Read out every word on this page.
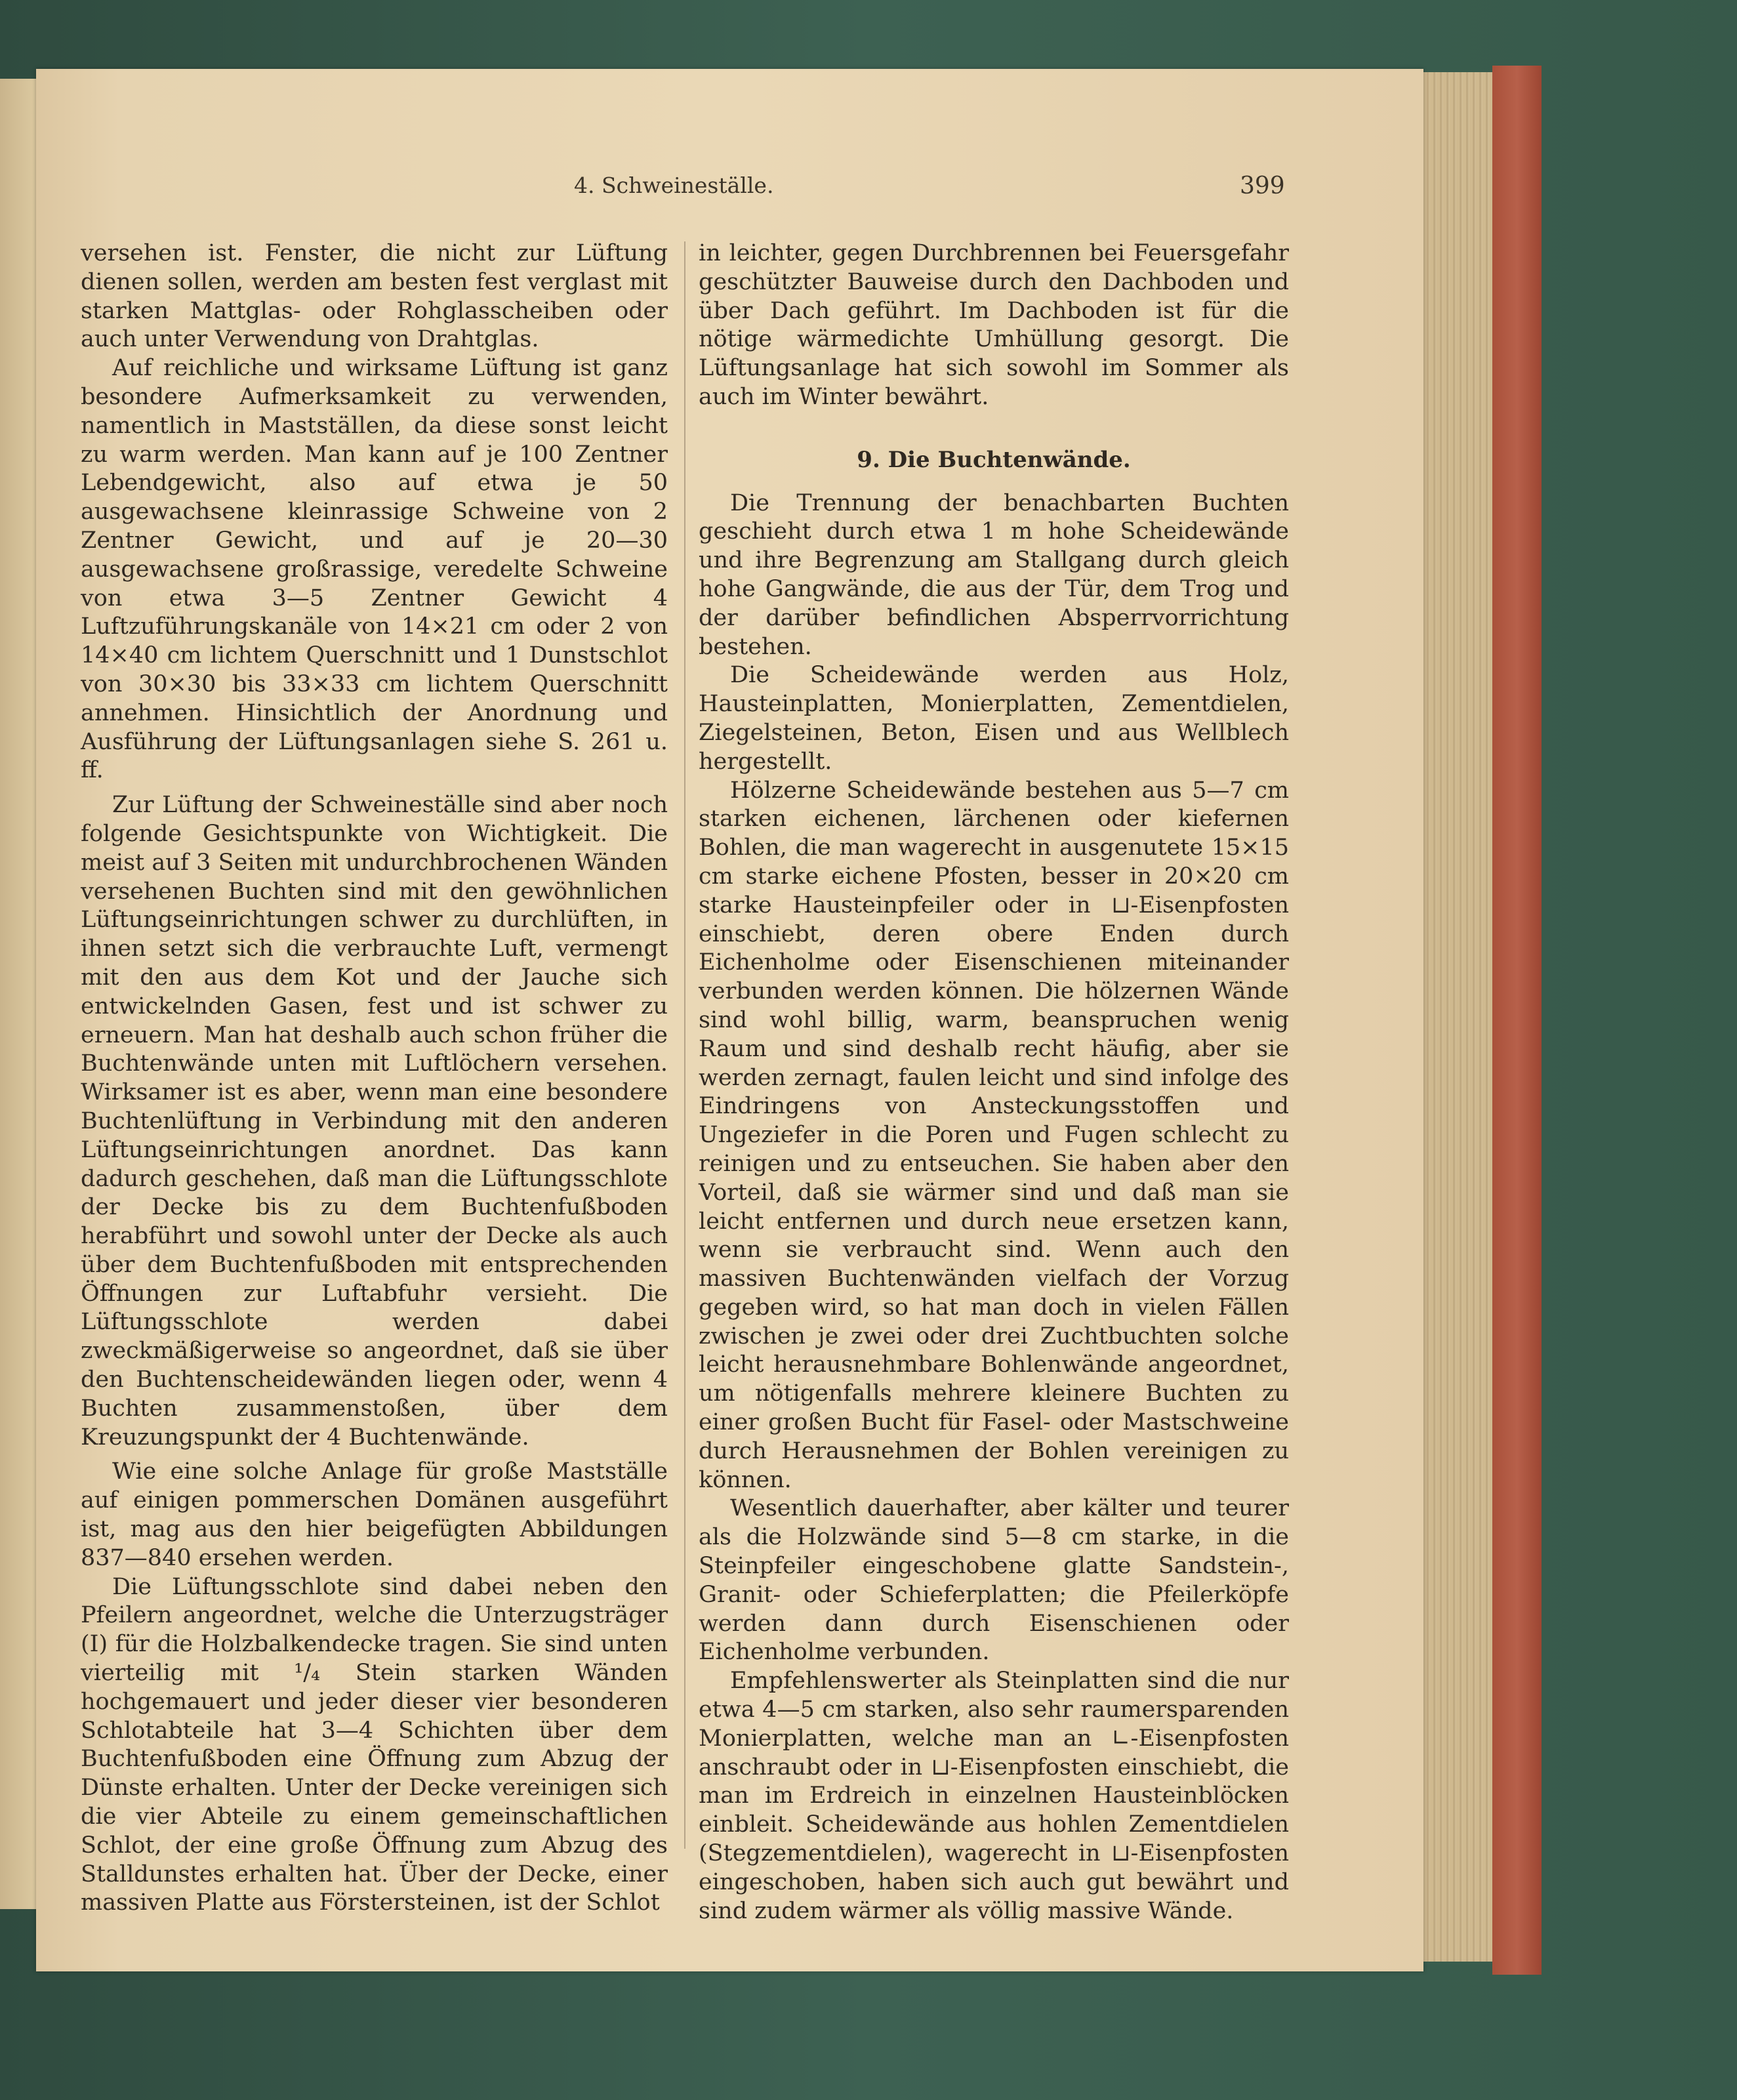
4. Schweineställe.	399

versehen ist. Fenster, die nicht zur Lüftung dienen sollen, werden am besten fest verglast mit starken Mattglas- oder Rohglasscheiben oder auch unter Verwendung von Drahtglas.

Auf reichliche und wirksame Lüftung ist ganz besondere Aufmerksamkeit zu verwenden, namentlich in Mastställen, da diese sonst leicht zu warm werden. Man kann auf je 100 Zentner Lebendgewicht, also auf etwa je 50 ausgewachsene kleinrassige Schweine von 2 Zentner Gewicht, und auf je 20—30 ausgewachsene großrassige, veredelte Schweine von etwa 3—5 Zentner Gewicht 4 Luftzuführungskanäle von 14×21 cm oder 2 von 14×40 cm lichtem Querschnitt und 1 Dunstschlot von 30×30 bis 33×33 cm lichtem Querschnitt annehmen. Hinsichtlich der Anordnung und Ausführung der Lüftungsanlagen siehe S. 261 u. ff.

Zur Lüftung der Schweineställe sind aber noch folgende Gesichtspunkte von Wichtigkeit. Die meist auf 3 Seiten mit undurchbrochenen Wänden versehenen Buchten sind mit den gewöhnlichen Lüftungseinrichtungen schwer zu durchlüften, in ihnen setzt sich die verbrauchte Luft, vermengt mit den aus dem Kot und der Jauche sich entwickelnden Gasen, fest und ist schwer zu erneuern. Man hat deshalb auch schon früher die Buchtenwände unten mit Luftlöchern versehen. Wirksamer ist es aber, wenn man eine besondere Buchtenlüftung in Verbindung mit den anderen Lüftungseinrichtungen anordnet. Das kann dadurch geschehen, daß man die Lüftungsschlote der Decke bis zu dem Buchtenfußboden herabführt und sowohl unter der Decke als auch über dem Buchtenfußboden mit entsprechenden Öffnungen zur Luftabfuhr versieht. Die Lüftungsschlote werden dabei zweckmäßigerweise so angeordnet, daß sie über den Buchtenscheidewänden liegen oder, wenn 4 Buchten zusammenstoßen, über dem Kreuzungspunkt der 4 Buchtenwände.

Wie eine solche Anlage für große Mastställe auf einigen pommerschen Domänen ausgeführt ist, mag aus den hier beigefügten Abbildungen 837—840 ersehen werden.

Die Lüftungsschlote sind dabei neben den Pfeilern angeordnet, welche die Unterzugsträger (I) für die Holzbalkendecke tragen. Sie sind unten vierteilig mit ¹/₄ Stein starken Wänden hochgemauert und jeder dieser vier besonderen Schlotabteile hat 3—4 Schichten über dem Buchtenfußboden eine Öffnung zum Abzug der Dünste erhalten. Unter der Decke vereinigen sich die vier Abteile zu einem gemeinschaftlichen Schlot, der eine große Öffnung zum Abzug des Stalldunstes erhalten hat. Über der Decke, einer massiven Platte aus Förstersteinen, ist der Schlot

in leichter, gegen Durchbrennen bei Feuersgefahr geschützter Bauweise durch den Dachboden und über Dach geführt. Im Dachboden ist für die nötige wärmedichte Umhüllung gesorgt. Die Lüftungsanlage hat sich sowohl im Sommer als auch im Winter bewährt.

9. Die Buchtenwände.

Die Trennung der benachbarten Buchten geschieht durch etwa 1 m hohe Scheidewände und ihre Begrenzung am Stallgang durch gleich hohe Gangwände, die aus der Tür, dem Trog und der darüber befindlichen Absperrvorrichtung bestehen.

Die Scheidewände werden aus Holz, Hausteinplatten, Monierplatten, Zementdielen, Ziegelsteinen, Beton, Eisen und aus Wellblech hergestellt.

Hölzerne Scheidewände bestehen aus 5—7 cm starken eichenen, lärchenen oder kiefernen Bohlen, die man wagerecht in ausgenutete 15×15 cm starke eichene Pfosten, besser in 20×20 cm starke Hausteinpfeiler oder in ⊔-Eisenpfosten einschiebt, deren obere Enden durch Eichenholme oder Eisenschienen miteinander verbunden werden können. Die hölzernen Wände sind wohl billig, warm, beanspruchen wenig Raum und sind deshalb recht häufig, aber sie werden zernagt, faulen leicht und sind infolge des Eindringens von Ansteckungsstoffen und Ungeziefer in die Poren und Fugen schlecht zu reinigen und zu entseuchen. Sie haben aber den Vorteil, daß sie wärmer sind und daß man sie leicht entfernen und durch neue ersetzen kann, wenn sie verbraucht sind. Wenn auch den massiven Buchtenwänden vielfach der Vorzug gegeben wird, so hat man doch in vielen Fällen zwischen je zwei oder drei Zuchtbuchten solche leicht herausnehmbare Bohlenwände angeordnet, um nötigenfalls mehrere kleinere Buchten zu einer großen Bucht für Fasel- oder Mastschweine durch Herausnehmen der Bohlen vereinigen zu können.

Wesentlich dauerhafter, aber kälter und teurer als die Holzwände sind 5—8 cm starke, in die Steinpfeiler eingeschobene glatte Sandstein-, Granit- oder Schieferplatten; die Pfeilerköpfe werden dann durch Eisenschienen oder Eichenholme verbunden.

Empfehlenswerter als Steinplatten sind die nur etwa 4—5 cm starken, also sehr raumersparenden Monierplatten, welche man an ∟-Eisenpfosten anschraubt oder in ⊔-Eisenpfosten einschiebt, die man im Erdreich in einzelnen Hausteinblöcken einbleit. Scheidewände aus hohlen Zementdielen (Stegzementdielen), wagerecht in ⊔-Eisenpfosten eingeschoben, haben sich auch gut bewährt und sind zudem wärmer als völlig massive Wände.
